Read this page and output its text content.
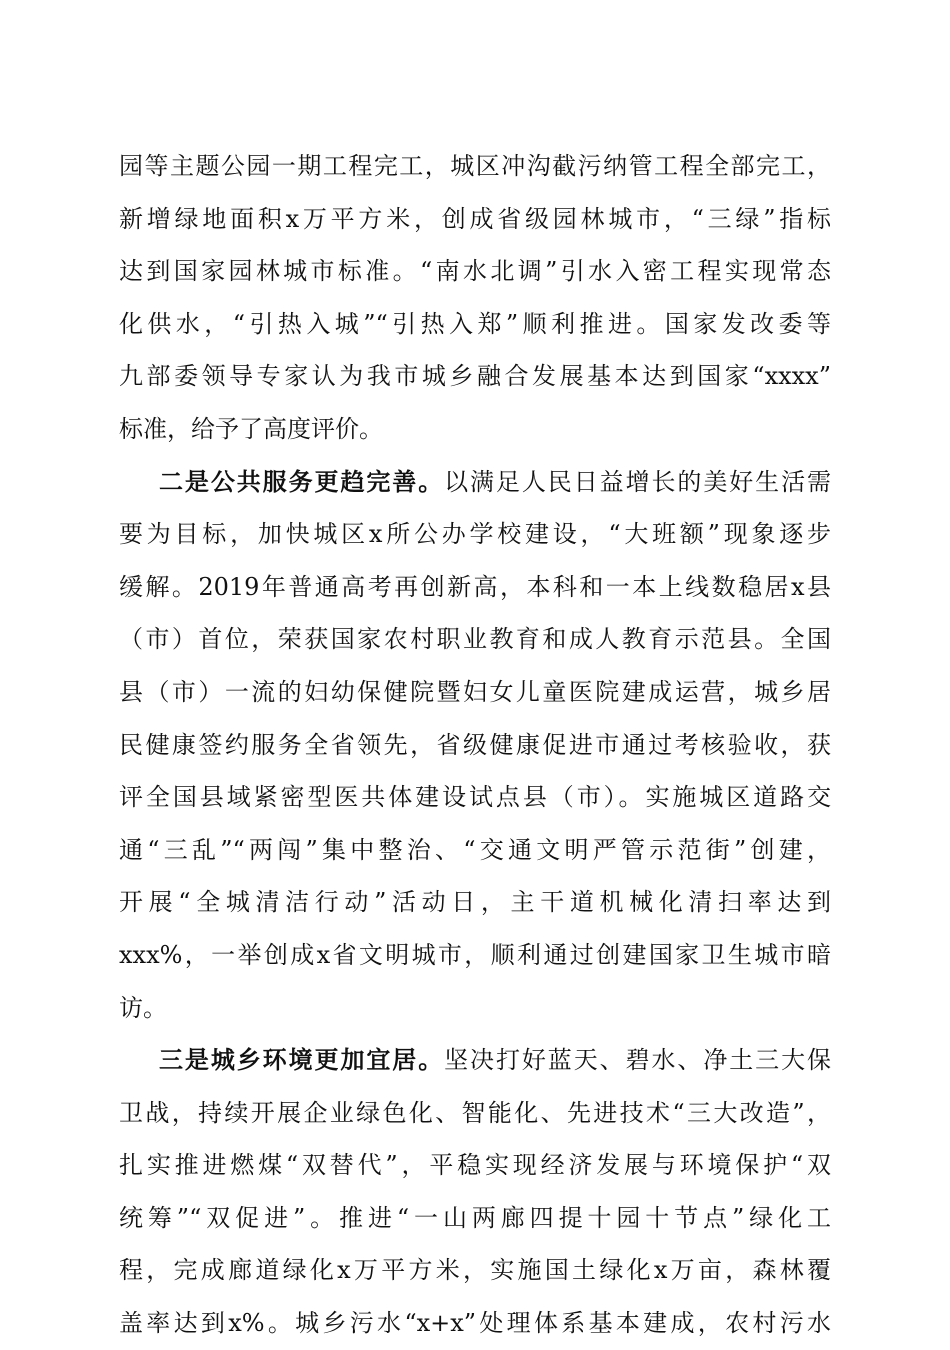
园等主题公园一期工程完工，城区冲沟截污纳管工程全部完工，
新增绿地面积x万平方米，创成省级园林城市，“三绿”指标
达到国家园林城市标准。“南水北调”引水入密工程实现常态
化供水，“引热入城”“引热入郑”顺利推进。国家发改委等
九部委领导专家认为我市城乡融合发展基本达到国家“xxxx”
标准，给予了高度评价。
二是公共服务更趋完善。以满足人民日益增长的美好生活需
要为目标，加快城区x所公办学校建设，“大班额”现象逐步
缓解。2019年普通高考再创新高，本科和一本上线数稳居x县
（市）首位，荣获国家农村职业教育和成人教育示范县。全国
县（市）一流的妇幼保健院暨妇女儿童医院建成运营，城乡居
民健康签约服务全省领先，省级健康促进市通过考核验收，获
评全国县域紧密型医共体建设试点县（市）。实施城区道路交
通“三乱”“两闯”集中整治、“交通文明严管示范街”创建，
开展“全城清洁行动”活动日，主干道机械化清扫率达到
xxx%，一举创成x省文明城市，顺利通过创建国家卫生城市暗
访。
三是城乡环境更加宜居。坚决打好蓝天、碧水、净土三大保
卫战，持续开展企业绿色化、智能化、先进技术“三大改造”，
扎实推进燃煤“双替代”，平稳实现经济发展与环境保护“双
统筹”“双促进”。推进“一山两廊四提十园十节点”绿化工
程，完成廊道绿化x万平方米，实施国土绿化x万亩，森林覆
盖率达到x%。城乡污水“x+x”处理体系基本建成，农村污水
